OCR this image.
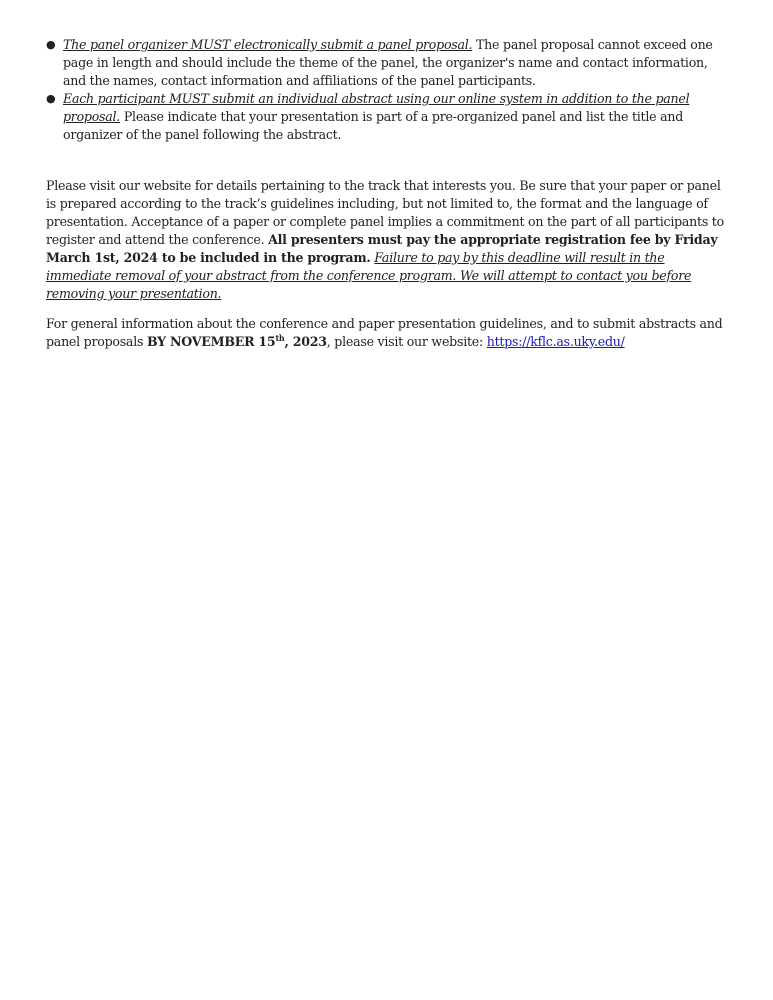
● The panel organizer MUST electronically submit a panel proposal. The panel proposal cannot exceed one page in length and should include the theme of the panel, the organizer's name and contact information, and the names, contact information and affiliations of the panel participants.
● Each participant MUST submit an individual abstract using our online system in addition to the panel proposal. Please indicate that your presentation is part of a pre-organized panel and list the title and organizer of the panel following the abstract.

Please visit our website for details pertaining to the track that interests you. Be sure that your paper or panel is prepared according to the track’s guidelines including, but not limited to, the format and the language of presentation. Acceptance of a paper or complete panel implies a commitment on the part of all participants to register and attend the conference. All presenters must pay the appropriate registration fee by Friday March 1st, 2024 to be included in the program. Failure to pay by this deadline will result in the immediate removal of your abstract from the conference program. We will attempt to contact you before removing your presentation.

For general information about the conference and paper presentation guidelines, and to submit abstracts and panel proposals BY NOVEMBER 15th, 2023, please visit our website: https://kflc.as.uky.edu/
